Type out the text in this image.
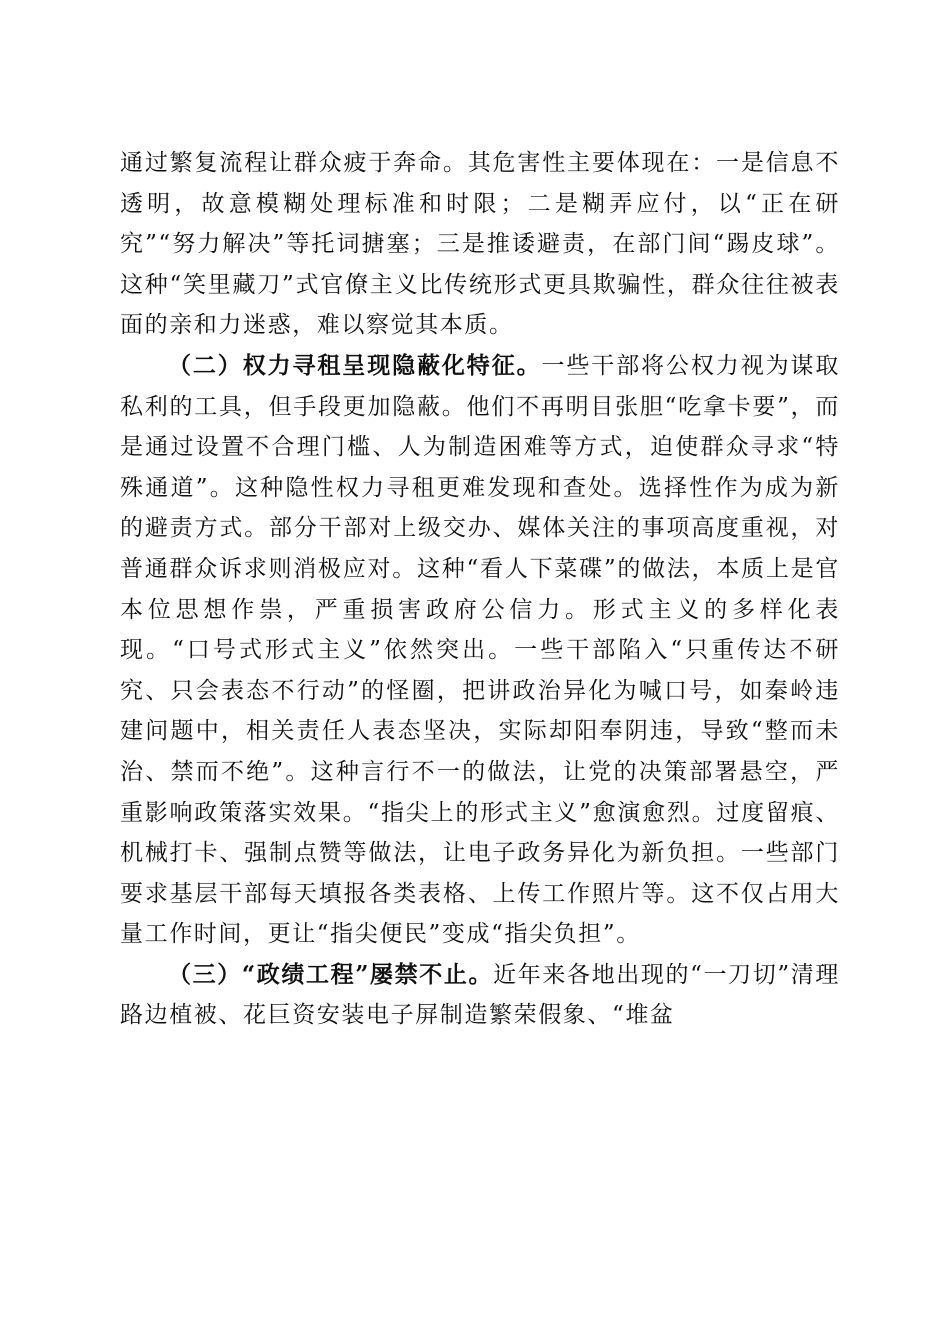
通过繁复流程让群众疲于奔命。其危害性主要体现在：一是信息不透明，故意模糊处理标准和时限；二是糊弄应付，以“正在研究”“努力解决”等托词搪塞；三是推诿避责，在部门间“踢皮球”。这种“笑里藏刀”式官僚主义比传统形式更具欺骗性，群众往往被表面的亲和力迷惑，难以察觉其本质。

（二）权力寻租呈现隐蔽化特征。一些干部将公权力视为谋取私利的工具，但手段更加隐蔽。他们不再明目张胆“吃拿卡要”，而是通过设置不合理门槛、人为制造困难等方式，迫使群众寻求“特殊通道”。这种隐性权力寻租更难发现和查处。选择性作为成为新的避责方式。部分干部对上级交办、媒体关注的事项高度重视，对普通群众诉求则消极应对。这种“看人下菜碟”的做法，本质上是官本位思想作祟，严重损害政府公信力。形式主义的多样化表现。“口号式形式主义”依然突出。一些干部陷入“只重传达不研究、只会表态不行动”的怪圈，把讲政治异化为喊口号，如秦岭违建问题中，相关责任人表态坚决，实际却阳奉阴违，导致“整而未治、禁而不绝”。这种言行不一的做法，让党的决策部署悬空，严重影响政策落实效果。“指尖上的形式主义”愈演愈烈。过度留痕、机械打卡、强制点赞等做法，让电子政务异化为新负担。一些部门要求基层干部每天填报各类表格、上传工作照片等。这不仅占用大量工作时间，更让“指尖便民”变成“指尖负担”。

（三）“政绩工程”屡禁不止。近年来各地出现的“一刀切”清理路边植被、花巨资安装电子屏制造繁荣假象、“堆盆
